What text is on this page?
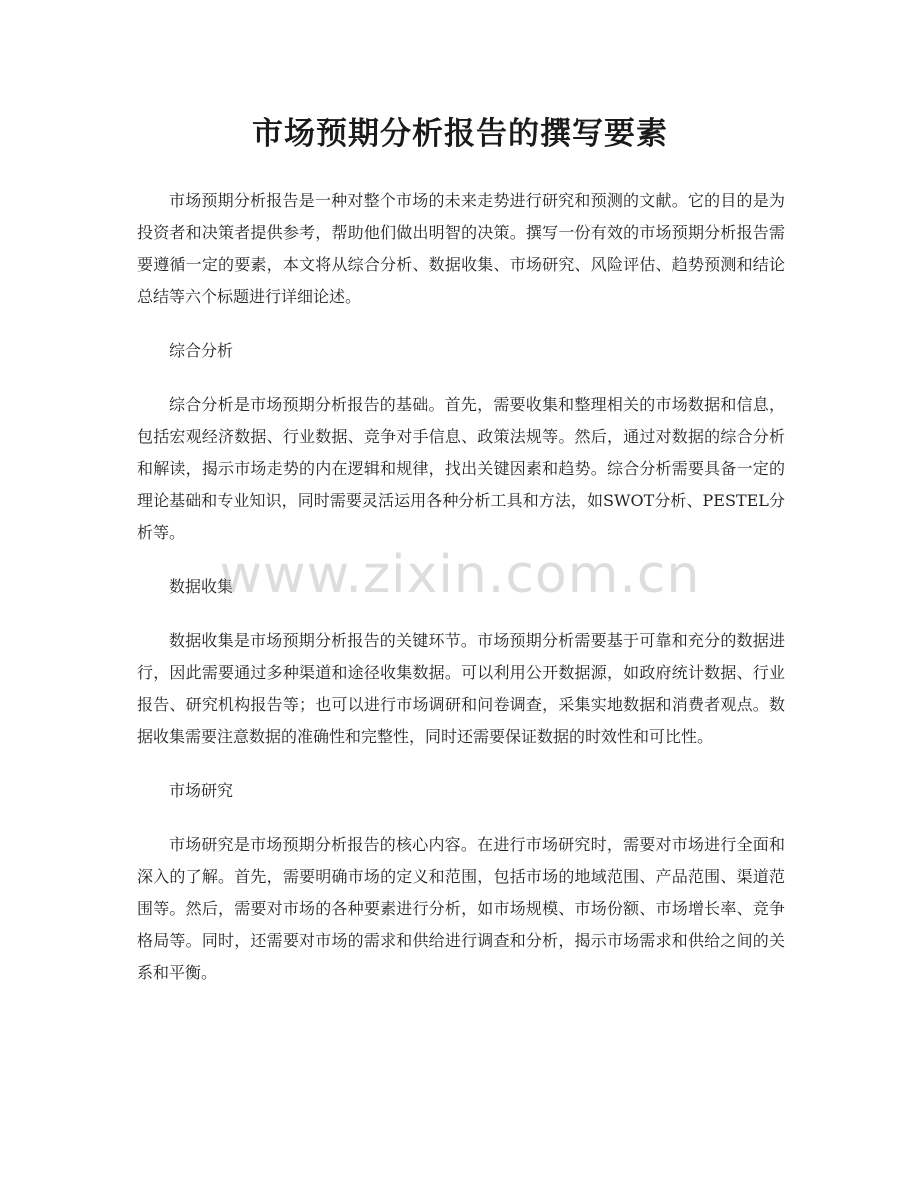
市场预期分析报告的撰写要素

市场预期分析报告是一种对整个市场的未来走势进行研究和预测的文献。它的目的是为投资者和决策者提供参考，帮助他们做出明智的决策。撰写一份有效的市场预期分析报告需要遵循一定的要素，本文将从综合分析、数据收集、市场研究、风险评估、趋势预测和结论总结等六个标题进行详细论述。

综合分析

综合分析是市场预期分析报告的基础。首先，需要收集和整理相关的市场数据和信息，包括宏观经济数据、行业数据、竞争对手信息、政策法规等。然后，通过对数据的综合分析和解读，揭示市场走势的内在逻辑和规律，找出关键因素和趋势。综合分析需要具备一定的理论基础和专业知识，同时需要灵活运用各种分析工具和方法，如SWOT分析、PESTEL分析等。

数据收集

数据收集是市场预期分析报告的关键环节。市场预期分析需要基于可靠和充分的数据进行，因此需要通过多种渠道和途径收集数据。可以利用公开数据源，如政府统计数据、行业报告、研究机构报告等；也可以进行市场调研和问卷调查，采集实地数据和消费者观点。数据收集需要注意数据的准确性和完整性，同时还需要保证数据的时效性和可比性。

市场研究

市场研究是市场预期分析报告的核心内容。在进行市场研究时，需要对市场进行全面和深入的了解。首先，需要明确市场的定义和范围，包括市场的地域范围、产品范围、渠道范围等。然后，需要对市场的各种要素进行分析，如市场规模、市场份额、市场增长率、竞争格局等。同时，还需要对市场的需求和供给进行调查和分析，揭示市场需求和供给之间的关系和平衡。

www.zixin.com.cn
